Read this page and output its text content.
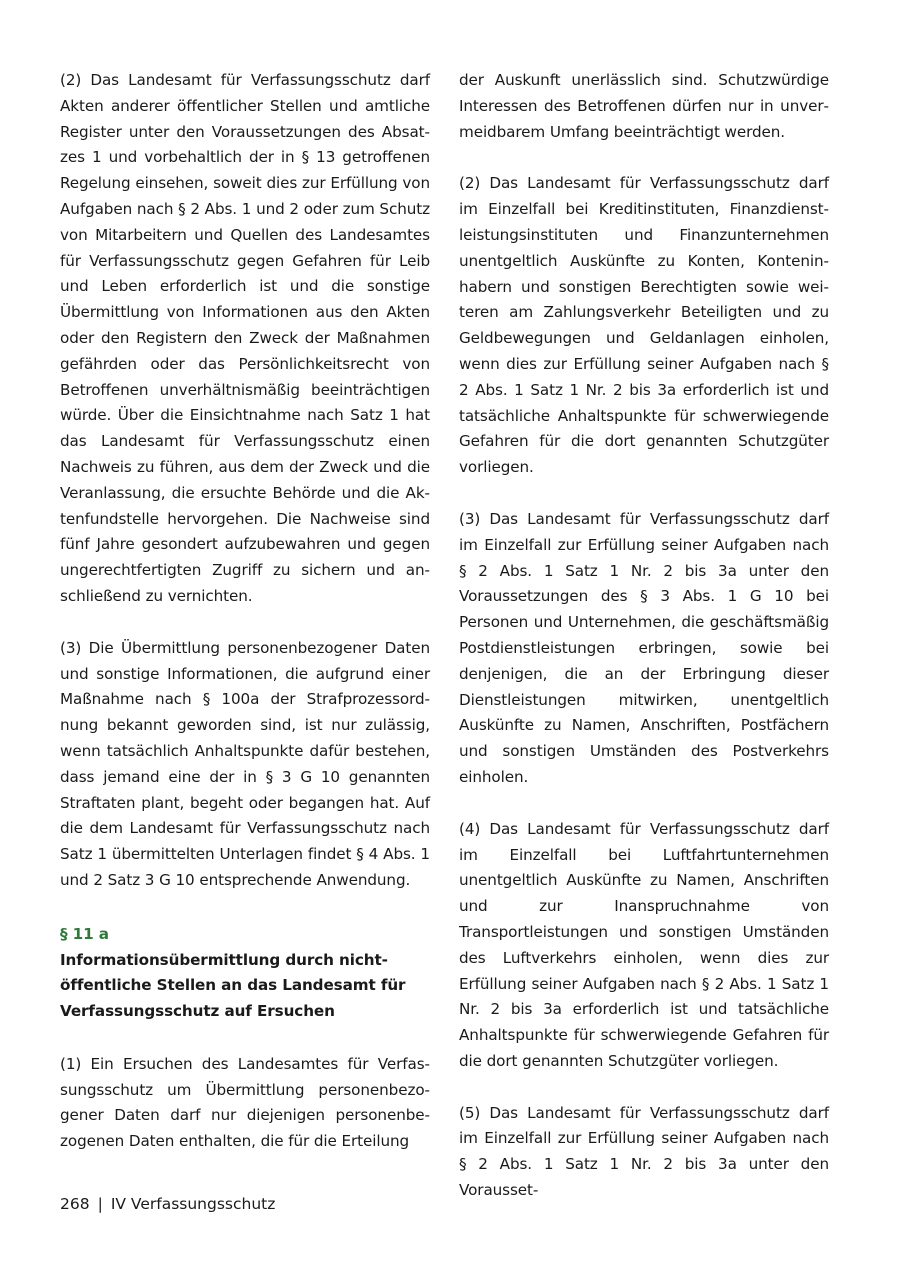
(2) Das Landesamt für Verfassungsschutz darf Akten anderer öffentlicher Stellen und amtliche Register unter den Voraussetzungen des Absatzes 1 und vorbehaltlich der in § 13 getroffenen Regelung einsehen, soweit dies zur Erfüllung von Aufgaben nach § 2 Abs. 1 und 2 oder zum Schutz von Mitarbeitern und Quellen des Landesamtes für Verfassungsschutz gegen Gefahren für Leib und Leben erforderlich ist und die sonstige Übermittlung von Informationen aus den Akten oder den Registern den Zweck der Maßnahmen gefährden oder das Persönlichkeitsrecht von Betroffenen unverhältnismäßig beeinträchtigen würde. Über die Einsichtnahme nach Satz 1 hat das Landesamt für Verfassungsschutz einen Nachweis zu führen, aus dem der Zweck und die Veranlassung, die ersuchte Behörde und die Aktenfundstelle hervorgehen. Die Nachweise sind fünf Jahre gesondert aufzubewahren und gegen ungerechtfertigten Zugriff zu sichern und anschließend zu vernichten.

(3) Die Übermittlung personenbezogener Daten und sonstige Informationen, die aufgrund einer Maßnahme nach § 100a der Strafprozessordnung bekannt geworden sind, ist nur zulässig, wenn tatsächlich Anhaltspunkte dafür bestehen, dass jemand eine der in § 3 G 10 genannten Straftaten plant, begeht oder begangen hat. Auf die dem Landesamt für Verfassungsschutz nach Satz 1 übermittelten Unterlagen findet § 4 Abs. 1 und 2 Satz 3 G 10 entsprechende Anwendung.

§ 11 a

Informationsübermittlung durch nicht-öffentliche Stellen an das Landesamt für Verfassungsschutz auf Ersuchen

(1) Ein Ersuchen des Landesamtes für Verfassungsschutz um Übermittlung personenbezogener Daten darf nur diejenigen personenbezogenen Daten enthalten, die für die Erteilung

der Auskunft unerlässlich sind. Schutzwürdige Interessen des Betroffenen dürfen nur in unvermeidbarem Umfang beeinträchtigt werden.

(2) Das Landesamt für Verfassungsschutz darf im Einzelfall bei Kreditinstituten, Finanzdienstleistungsinstituten und Finanzunternehmen unentgeltlich Auskünfte zu Konten, Konteninhabern und sonstigen Berechtigten sowie weiteren am Zahlungsverkehr Beteiligten und zu Geldbewegungen und Geldanlagen einholen, wenn dies zur Erfüllung seiner Aufgaben nach § 2 Abs. 1 Satz 1 Nr. 2 bis 3a erforderlich ist und tatsächliche Anhaltspunkte für schwerwiegende Gefahren für die dort genannten Schutzgüter vorliegen.

(3) Das Landesamt für Verfassungsschutz darf im Einzelfall zur Erfüllung seiner Aufgaben nach § 2 Abs. 1 Satz 1 Nr. 2 bis 3a unter den Voraussetzungen des § 3 Abs. 1 G 10 bei Personen und Unternehmen, die geschäftsmäßig Postdienstleistungen erbringen, sowie bei denjenigen, die an der Erbringung dieser Dienstleistungen mitwirken, unentgeltlich Auskünfte zu Namen, Anschriften, Postfächern und sonstigen Umständen des Postverkehrs einholen.

(4) Das Landesamt für Verfassungsschutz darf im Einzelfall bei Luftfahrtunternehmen unentgeltlich Auskünfte zu Namen, Anschriften und zur Inanspruchnahme von Transportleistungen und sonstigen Umständen des Luftverkehrs einholen, wenn dies zur Erfüllung seiner Aufgaben nach § 2 Abs. 1 Satz 1 Nr. 2 bis 3a erforderlich ist und tatsächliche Anhaltspunkte für schwerwiegende Gefahren für die dort genannten Schutzgüter vorliegen.

(5) Das Landesamt für Verfassungsschutz darf im Einzelfall zur Erfüllung seiner Aufgaben nach § 2 Abs. 1 Satz 1 Nr. 2 bis 3a unter den Vorausset-

268 | IV Verfassungsschutz
